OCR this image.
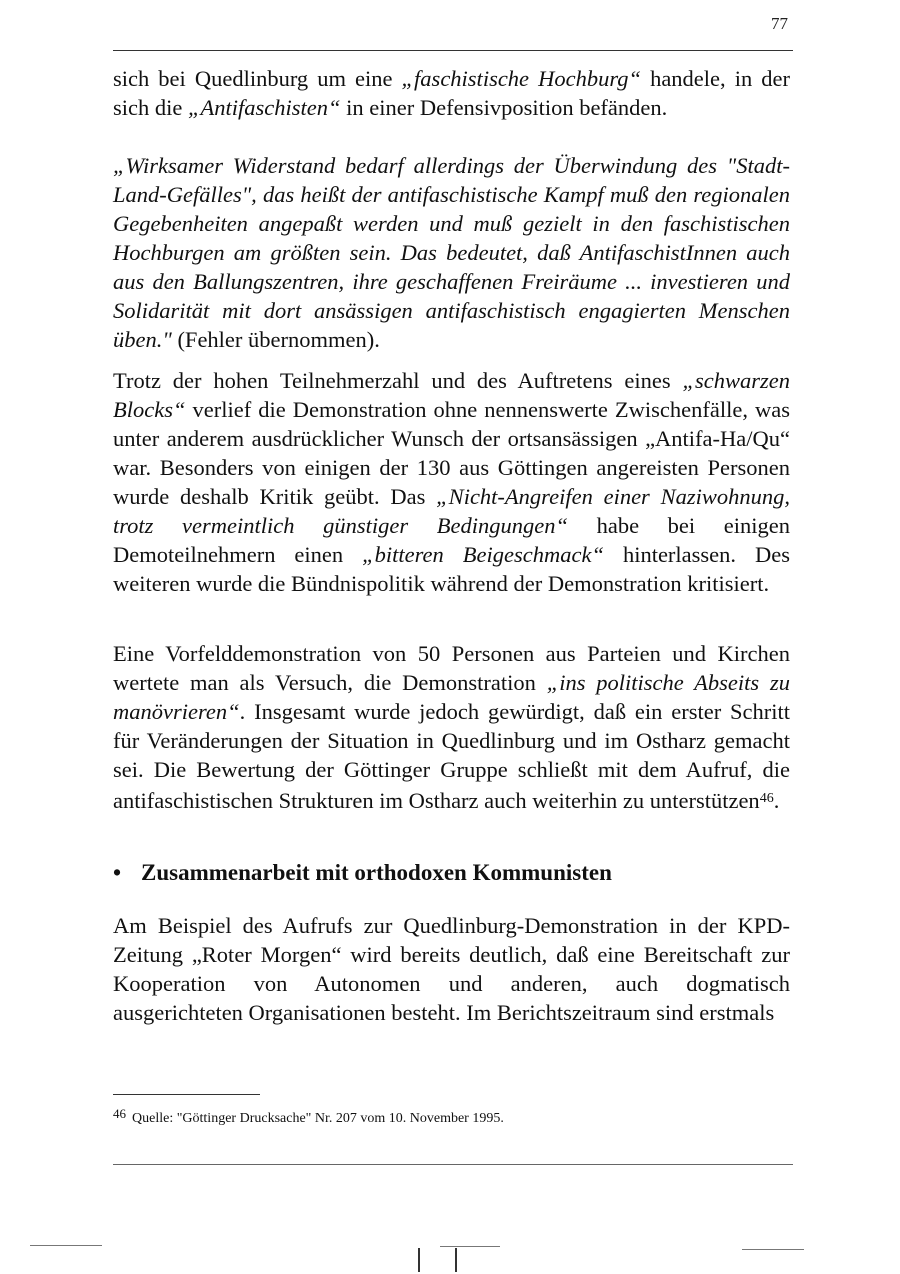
77

sich bei Quedlinburg um eine „faschistische Hochburg“ handele, in der sich die „Antifaschisten“ in einer Defensivposition befänden.

„Wirksamer Widerstand bedarf allerdings der Überwindung des "Stadt-Land-Gefälles", das heißt der antifaschistische Kampf muß den regionalen Gegebenheiten angepaßt werden und muß gezielt in den faschistischen Hochburgen am größten sein. Das bedeutet, daß AntifaschistInnen auch aus den Ballungszentren, ihre geschaffenen Freiräume ... investieren und Solidarität mit dort ansässigen antifaschistisch engagierten Menschen üben." (Fehler übernommen).

Trotz der hohen Teilnehmerzahl und des Auftretens eines „schwarzen Blocks“ verlief die Demonstration ohne nennenswerte Zwischenfälle, was unter anderem ausdrücklicher Wunsch der ortsansässigen „Antifa-Ha/Qu“ war. Besonders von einigen der 130 aus Göttingen angereisten Personen wurde deshalb Kritik geübt. Das „Nicht-Angreifen einer Naziwohnung, trotz vermeintlich günstiger Bedingungen“ habe bei einigen Demoteilnehmern einen „bitteren Beigeschmack“ hinterlassen. Des weiteren wurde die Bündnispolitik während der Demonstration kritisiert.

Eine Vorfelddemonstration von 50 Personen aus Parteien und Kirchen wertete man als Versuch, die Demonstration „ins politische Abseits zu manövrieren“. Insgesamt wurde jedoch gewürdigt, daß ein erster Schritt für Veränderungen der Situation in Quedlinburg und im Ostharz gemacht sei. Die Bewertung der Göttinger Gruppe schließt mit dem Aufruf, die antifaschistischen Strukturen im Ostharz auch weiterhin zu unterstützen$^{46}$.

• Zusammenarbeit mit orthodoxen Kommunisten

Am Beispiel des Aufrufs zur Quedlinburg-Demonstration in der KPD-Zeitung „Roter Morgen“ wird bereits deutlich, daß eine Bereitschaft zur Kooperation von Autonomen und anderen, auch dogmatisch ausgerichteten Organisationen besteht. Im Berichtszeitraum sind erstmals

$^{46}$ Quelle: "Göttinger Drucksache" Nr. 207 vom 10. November 1995.
